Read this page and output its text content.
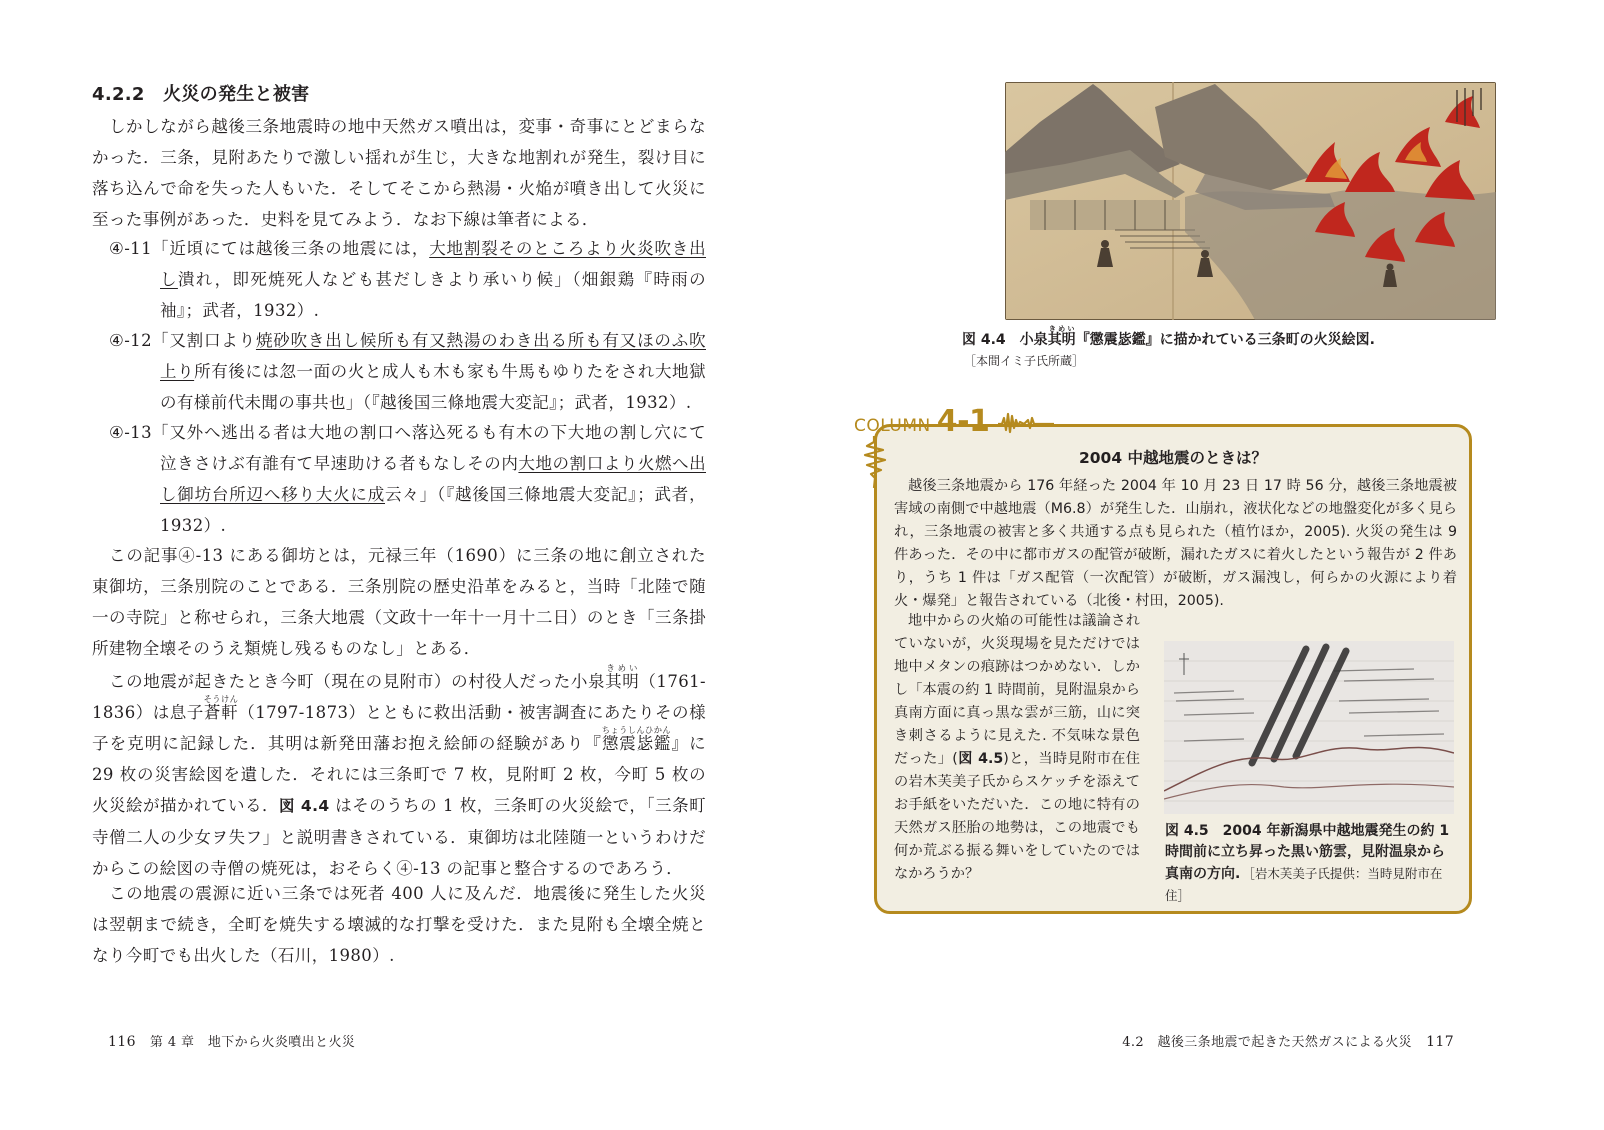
4.2.2　火災の発生と被害

しかしながら越後三条地震時の地中天然ガス噴出は，変事・奇事にとどまらなかった．三条，見附あたりで激しい揺れが生じ，大きな地割れが発生，裂け目に落ち込んで命を失った人もいた．そしてそこから熱湯・火焔が噴き出して火災に至った事例があった．史料を見てみよう．なお下線は筆者による．

④-11 「近頃にては越後三条の地震には，大地割裂そのところより火炎吹き出し潰れ，即死焼死人なども甚だしきより承いり候」（畑銀鶏『時雨の袖』；武者，1932）.
④-12 「又割口より焼砂吹き出し候所も有又熱湯のわき出る所も有又ほのふ吹上り所有後には忽一面の火と成人も木も家も牛馬もゆりたをされ大地獄の有様前代未聞の事共也」（『越後国三條地震大変記』；武者，1932）.
④-13 「又外へ逃出る者は大地の割口へ落込死るも有木の下大地の割し穴にて泣きさけぶ有誰有て早速助ける者もなしその内大地の割口より火燃へ出し御坊台所辺へ移り大火に成云々」（『越後国三條地震大変記』；武者，1932）.

この記事④-13 にある御坊とは，元禄三年（1690）に三条の地に創立された東御坊，三条別院のことである．三条別院の歴史沿革をみると，当時「北陸で随一の寺院」と称せられ，三条大地震（文政十一年十一月十二日）のとき「三条掛所建物全壊そのうえ類焼し残るものなし」とある．

この地震が起きたとき今町（現在の見附市）の村役人だった小泉其明きめい（1761-1836）は息子蒼軒そうけん（1797-1873）とともに救出活動・被害調査にあたりその様子を克明に記録した．其明は新発田藩お抱え絵師の経験があり『懲震毖鑑ちょうしんひかん』に 29 枚の災害絵図を遺した．それには三条町で 7 枚，見附町 2 枚，今町 5 枚の火災絵が描かれている．図 4.4 はそのうちの 1 枚，三条町の火災絵で，「三条町寺僧二人の少女ヲ失フ」と説明書きされている．東御坊は北陸随一というわけだからこの絵図の寺僧の焼死は，おそらく④-13 の記事と整合するのであろう．

この地震の震源に近い三条では死者 400 人に及んだ．地震後に発生した火災は翌朝まで続き，全町を焼失する壊滅的な打撃を受けた．また見附も全壊全焼となり今町でも出火した（石川，1980）.

116 第 4 章　地下から火炎噴出と火災
図 4.4　小泉其明きめい『懲震毖鑑』に描かれている三条町の火災絵図.
［本間イミ子氏所蔵］
COLUMN 4-1
2004 中越地震のときは？

越後三条地震から 176 年経った 2004 年 10 月 23 日 17 時 56 分，越後三条地震被害域の南側で中越地震（M6.8）が発生した．山崩れ，液状化などの地盤変化が多く見られ，三条地震の被害と多く共通する点も見られた（植竹ほか，2005). 火災の発生は 9 件あった．その中に都市ガスの配管が破断，漏れたガスに着火したという報告が 2 件あり，うち 1 件は「ガス配管（一次配管）が破断，ガス漏洩し，何らかの火源により着火・爆発」と報告されている（北後・村田，2005).

地中からの火焔の可能性は議論されていないが，火災現場を見ただけでは地中メタンの痕跡はつかめない．しかし「本震の約 1 時間前，見附温泉から真南方面に真っ黒な雲が三筋，山に突き刺さるように見えた. 不気味な景色だった」(図 4.5)と，当時見附市在住の岩木芙美子氏からスケッチを添えてお手紙をいただいた．この地に特有の天然ガス胚胎の地勢は，この地震でも何か荒ぶる振る舞いをしていたのではなかろうか？

図 4.5　2004 年新潟県中越地震発生の約 1 時間前に立ち昇った黒い筋雲，見附温泉から真南の方向. ［岩木芙美子氏提供：当時見附市在住］
4.2　越後三条地震で起きた天然ガスによる火災 117
